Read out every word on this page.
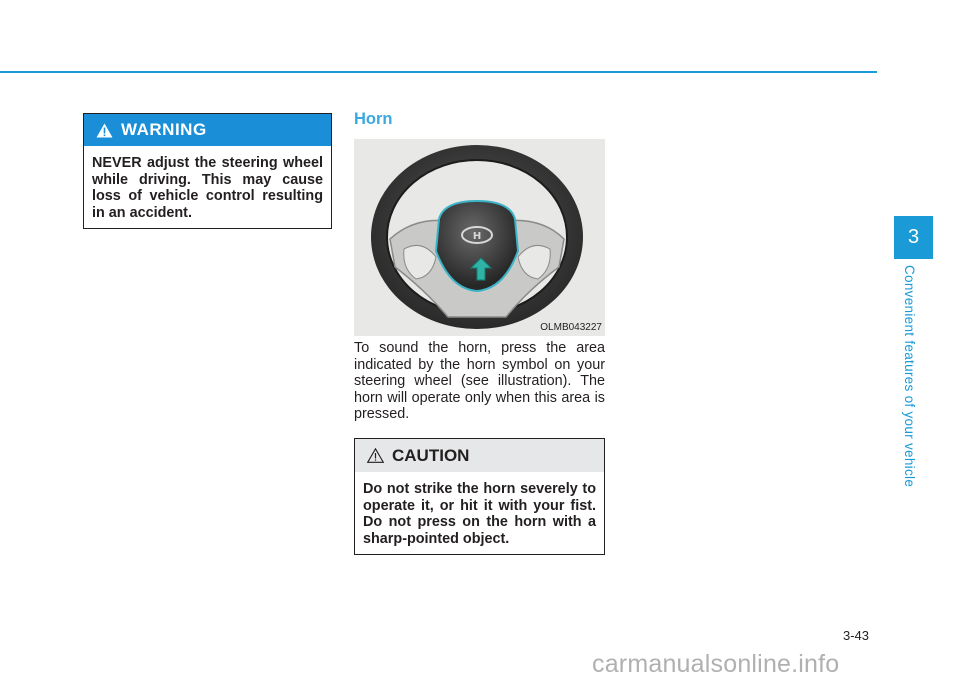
WARNING
NEVER adjust the steering wheel while driving. This may cause loss of vehicle control resulting in an accident.
Horn
H
OLMB043227
To sound the horn, press the area indicated by the horn symbol on your steering wheel (see illustration). The horn will operate only when this area is pressed.
CAUTION
Do not strike the horn severely to operate it, or hit it with your fist. Do not press on the horn with a sharp-pointed object.
3
Convenient features of your vehicle
3-43
carmanualsonline.info
